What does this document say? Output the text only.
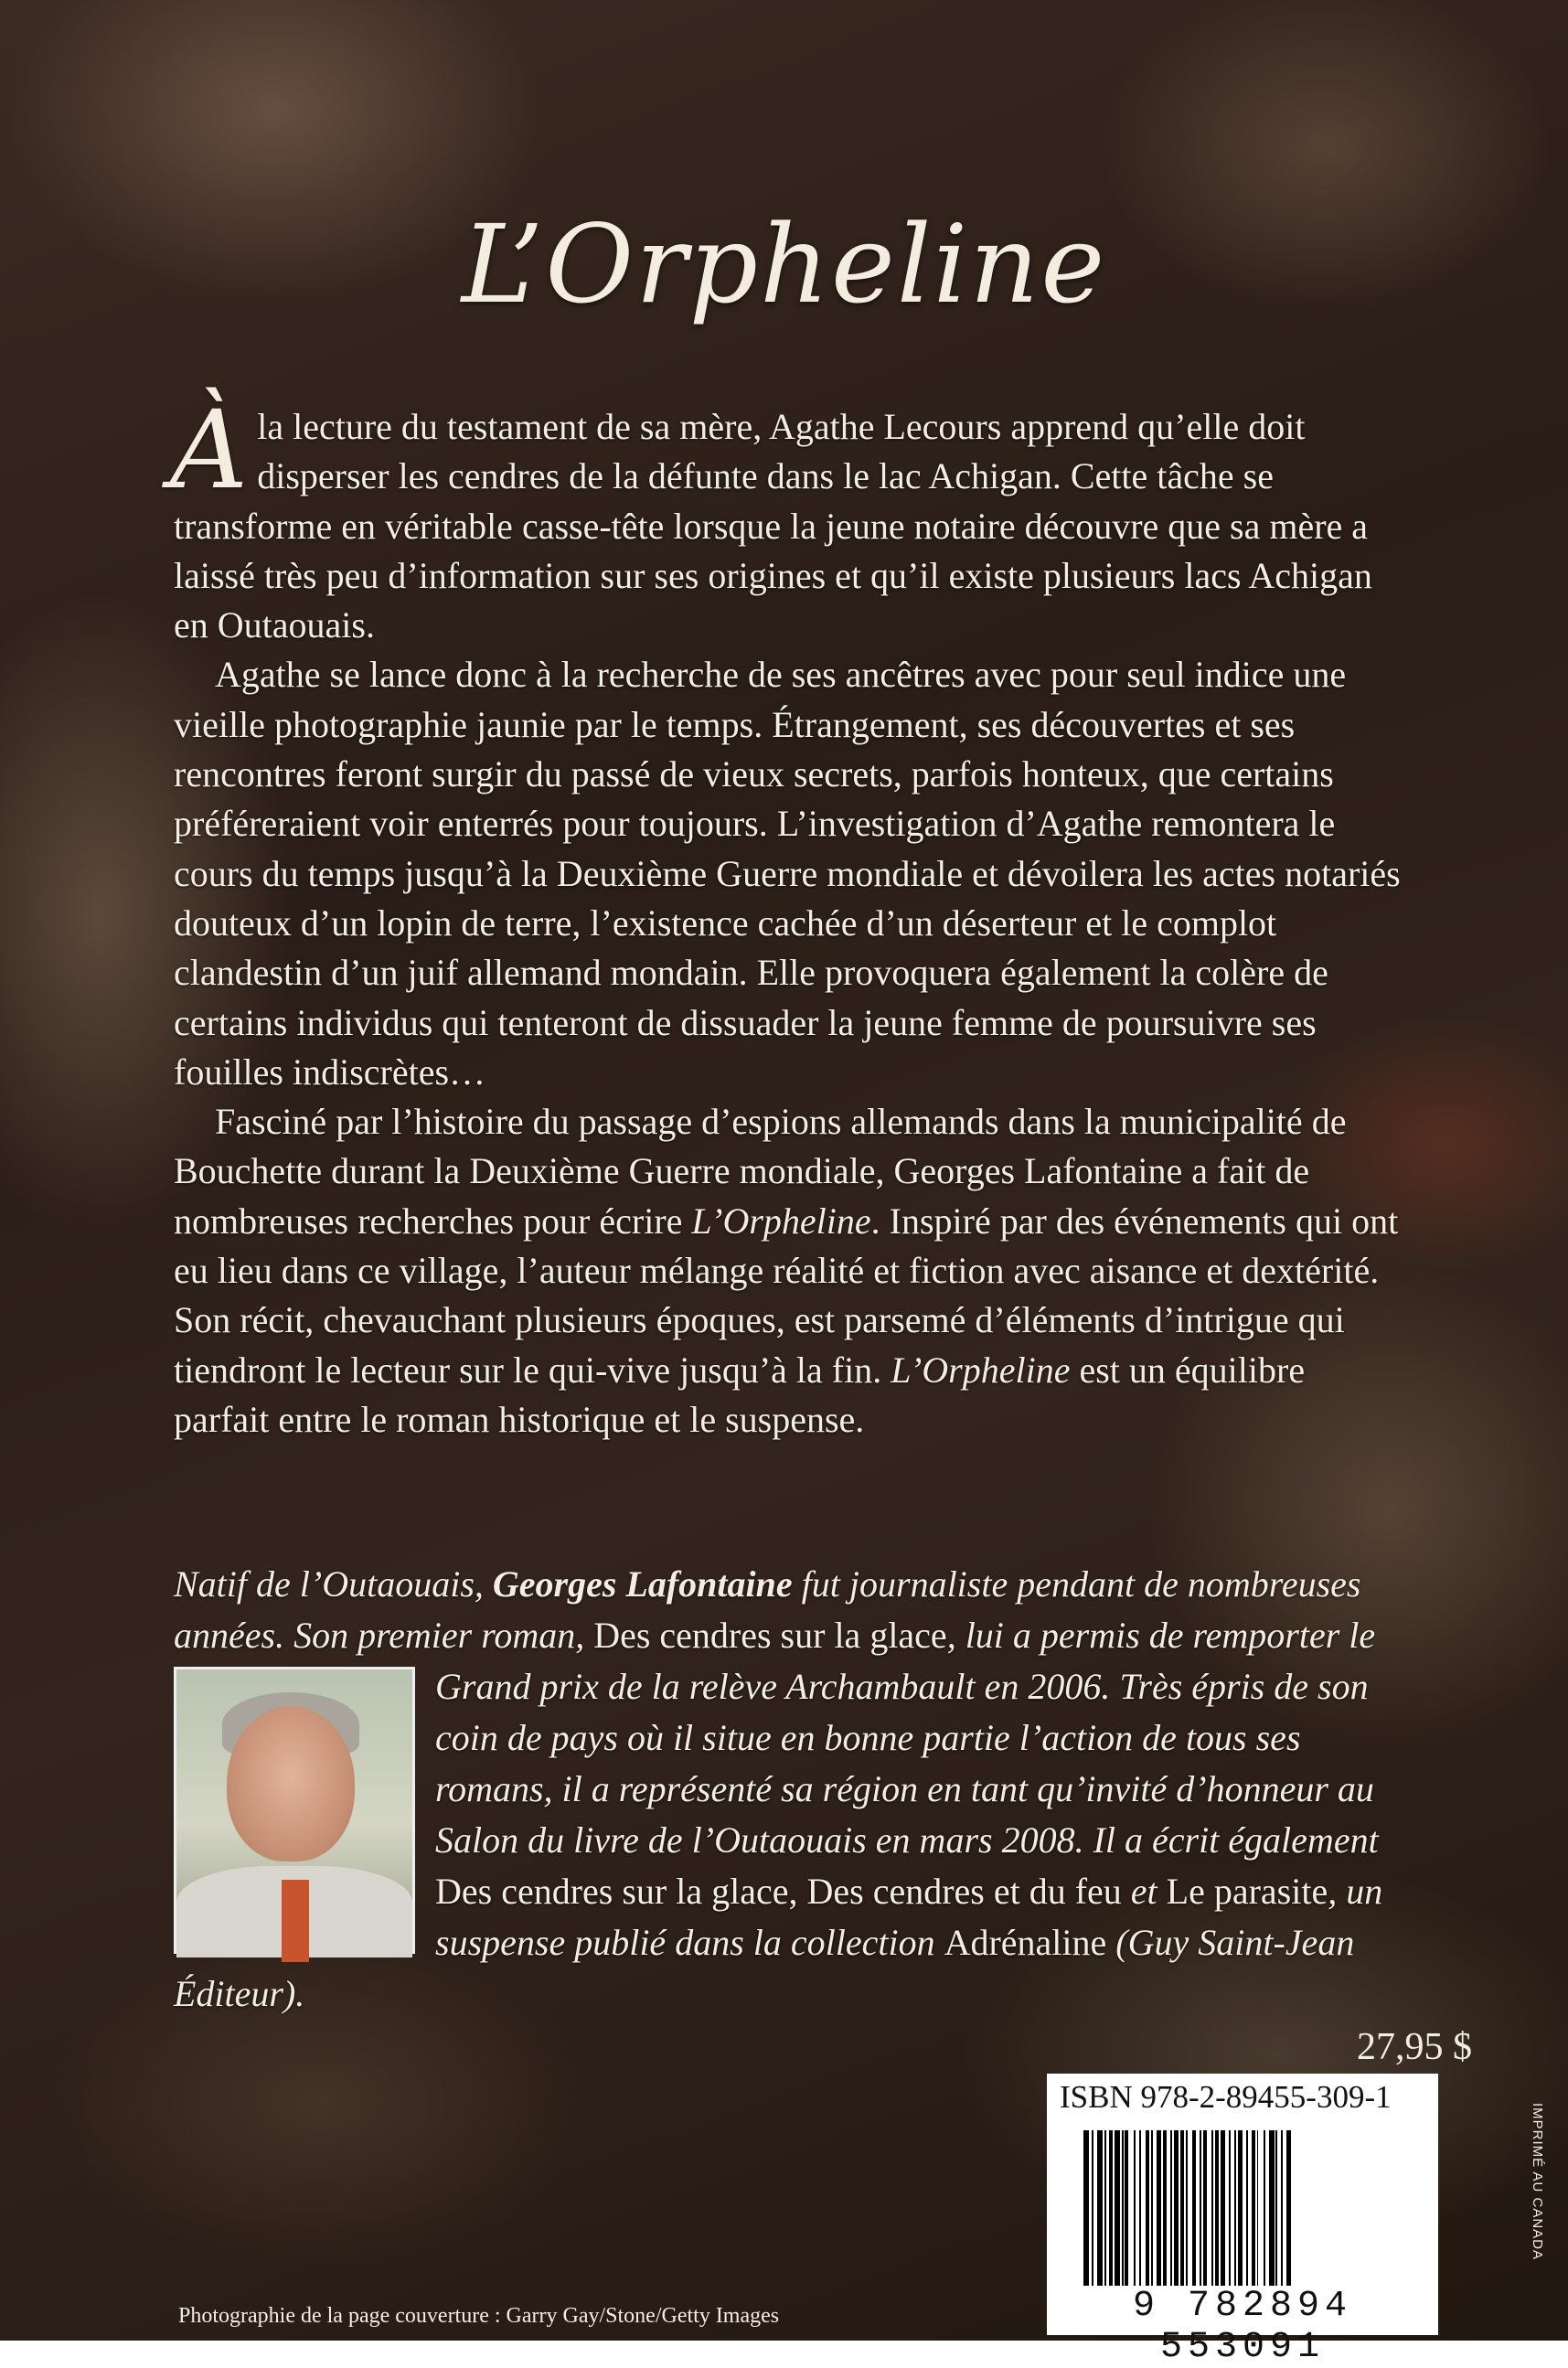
L’Orpheline

À la lecture du testament de sa mère, Agathe Lecours apprend qu’elle doit disperser les cendres de la défunte dans le lac Achigan. Cette tâche se transforme en véritable casse-tête lorsque la jeune notaire découvre que sa mère a laissé très peu d’information sur ses origines et qu’il existe plusieurs lacs Achigan en Outaouais.

Agathe se lance donc à la recherche de ses ancêtres avec pour seul indice une vieille photographie jaunie par le temps. Étrangement, ses découvertes et ses rencontres feront surgir du passé de vieux secrets, parfois honteux, que certains préféreraient voir enterrés pour toujours. L’investigation d’Agathe remontera le cours du temps jusqu’à la Deuxième Guerre mondiale et dévoilera les actes notariés douteux d’un lopin de terre, l’existence cachée d’un déserteur et le complot clandestin d’un juif allemand mondain. Elle provoquera également la colère de certains individus qui tenteront de dissuader la jeune femme de poursuivre ses fouilles indiscrètes…

Fasciné par l’histoire du passage d’espions allemands dans la municipalité de Bouchette durant la Deuxième Guerre mondiale, Georges Lafontaine a fait de nombreuses recherches pour écrire L’Orpheline. Inspiré par des événements qui ont eu lieu dans ce village, l’auteur mélange réalité et fiction avec aisance et dextérité. Son récit, chevauchant plusieurs époques, est parsemé d’éléments d’intrigue qui tiendront le lecteur sur le qui-vive jusqu’à la fin. L’Orpheline est un équilibre parfait entre le roman historique et le suspense.

Natif de l’Outaouais, Georges Lafontaine fut journaliste pendant de nombreuses années. Son premier roman, Des cendres sur la glace, lui a permis de remporter le Grand prix de la relève Archambault en 2006. Très épris de son coin de pays où il situe en bonne partie l’action de tous ses romans, il a représenté sa région en tant qu’invité d’honneur au Salon du livre de l’Outaouais en mars 2008. Il a écrit également Des cendres sur la glace, Des cendres et du feu et Le parasite, un suspense publié dans la collection Adrénaline (Guy Saint-Jean Éditeur).
27,95 $
ISBN 978-2-89455-309-1
9 782894 553091
Photographie de la page couverture : Garry Gay/Stone/Getty Images
IMPRIMÉ AU CANADA
